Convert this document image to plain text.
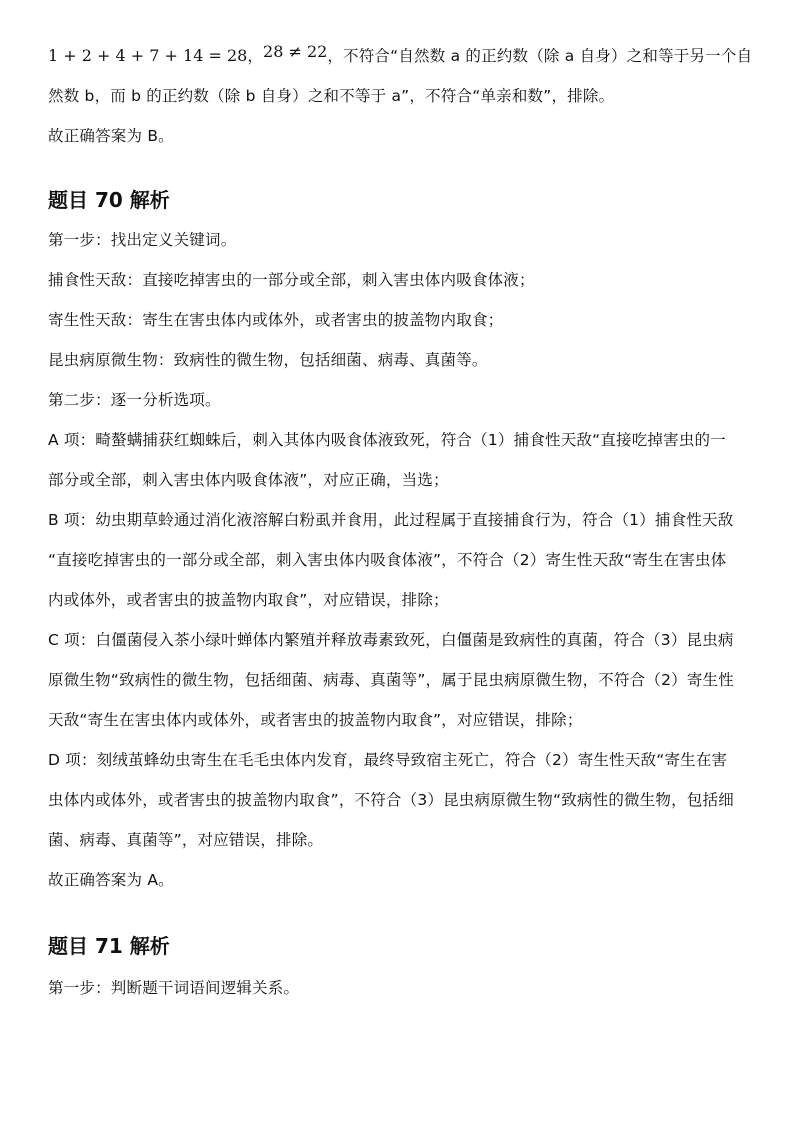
1 + 2 + 4 + 7 + 14 = 28，28 ≠ 22，不符合“自然数 a 的正约数（除 a 自身）之和等于另一个自

然数 b，而 b 的正约数（除 b 自身）之和不等于 a”，不符合“单亲和数”，排除。

故正确答案为 B。

题目 70 解析

第一步：找出定义关键词。

捕食性天敌：直接吃掉害虫的一部分或全部，刺入害虫体内吸食体液；

寄生性天敌：寄生在害虫体内或体外，或者害虫的披盖物内取食；

昆虫病原微生物：致病性的微生物，包括细菌、病毒、真菌等。

第二步：逐一分析选项。

A 项：畸螯螨捕获红蜘蛛后，刺入其体内吸食体液致死，符合（1）捕食性天敌“直接吃掉害虫的一

部分或全部，刺入害虫体内吸食体液”，对应正确，当选；

B 项：幼虫期草蛉通过消化液溶解白粉虱并食用，此过程属于直接捕食行为，符合（1）捕食性天敌

“直接吃掉害虫的一部分或全部，刺入害虫体内吸食体液”，不符合（2）寄生性天敌“寄生在害虫体

内或体外，或者害虫的披盖物内取食”，对应错误，排除；

C 项：白僵菌侵入茶小绿叶蝉体内繁殖并释放毒素致死，白僵菌是致病性的真菌，符合（3）昆虫病

原微生物“致病性的微生物，包括细菌、病毒、真菌等”，属于昆虫病原微生物，不符合（2）寄生性

天敌“寄生在害虫体内或体外，或者害虫的披盖物内取食”，对应错误，排除；

D 项：刻绒茧蜂幼虫寄生在毛毛虫体内发育，最终导致宿主死亡，符合（2）寄生性天敌“寄生在害

虫体内或体外，或者害虫的披盖物内取食”，不符合（3）昆虫病原微生物“致病性的微生物，包括细

菌、病毒、真菌等”，对应错误，排除。

故正确答案为 A。

题目 71 解析

第一步：判断题干词语间逻辑关系。
